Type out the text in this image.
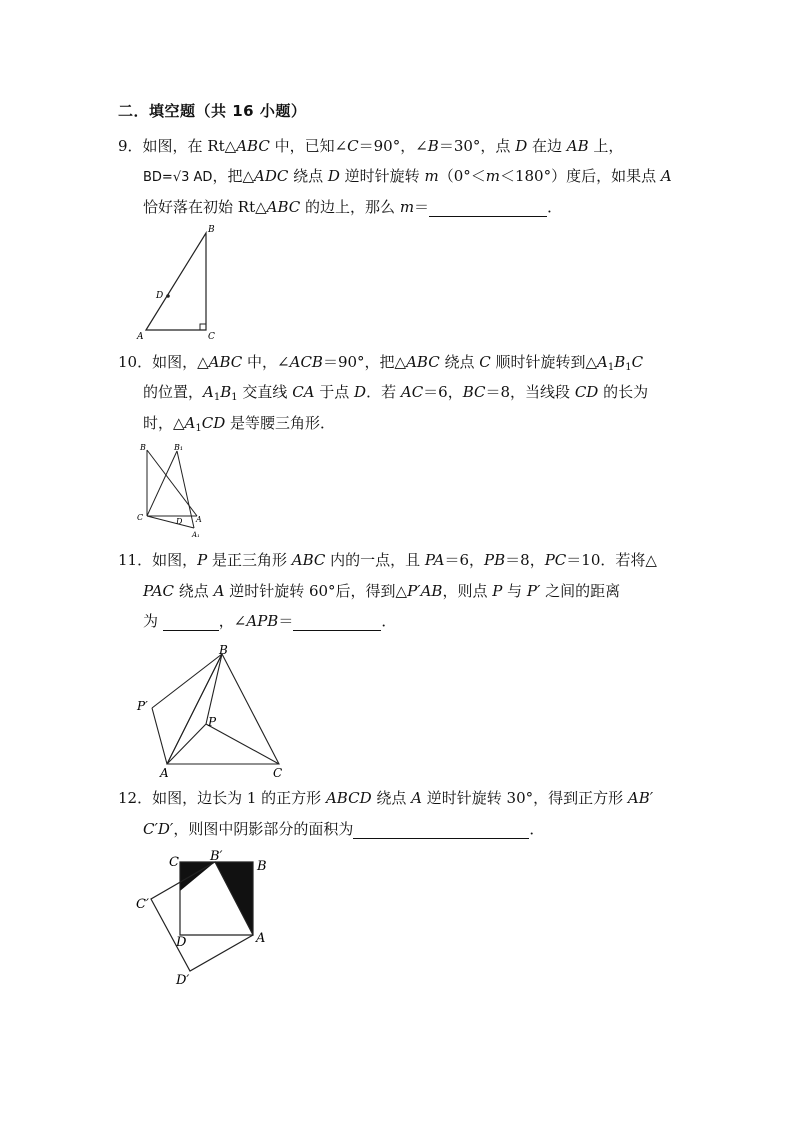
二．填空题（共 16 小题）
9．如图，在 Rt△ABC 中，已知∠C＝90°，∠B＝30°，点 D 在边 AB 上，
BD=√3 AD，把△ADC 绕点 D 逆时针旋转 m（0°＜m＜180°）度后，如果点 A
恰好落在初始 Rt△ABC 的边上，那么 m＝	．
B
D
A	C
10．如图，△ABC 中，∠ACB＝90°，把△ABC 绕点 C 顺时针旋转到$\triangle A_1B_1C$
的位置，$A_1B_1$ 交直线 CA 于点 D．若 AC＝6，BC＝8，当线段 CD 的长为
时，$\triangle A_1CD$ 是等腰三角形．
B	B₁
C	D A
A₁
11．如图，P 是正三角形 ABC 内的一点，且 PA＝6，PB＝8，PC＝10．若将△
PAC 绕点 A 逆时针旋转 60°后，得到△P′AB，则点 P 与 P′ 之间的距离
为	，∠APB＝	．
B
P′
P
A	C
12．如图，边长为 1 的正方形 ABCD 绕点 A 逆时针旋转 30°，得到正方形 AB′
C′D′，则图中阴影部分的面积为	．
C B′
B
C′
D	A
D′
